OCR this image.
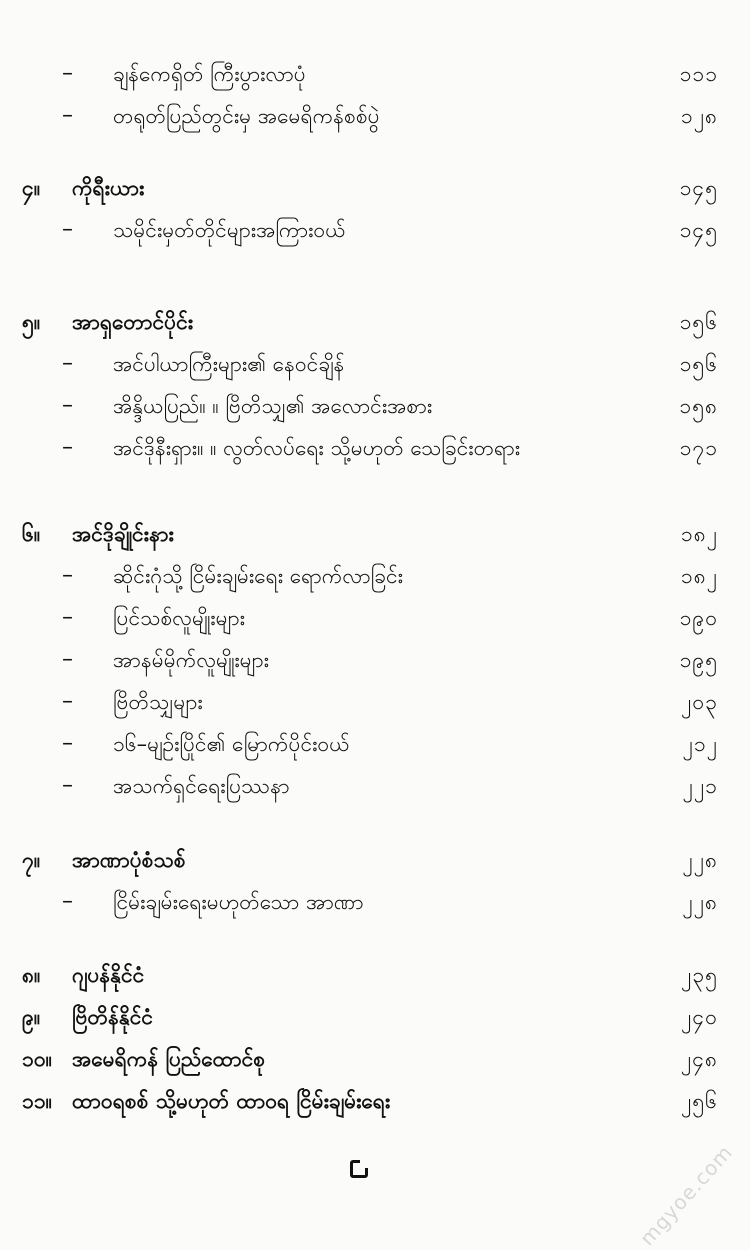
– ချန်ကေရှိတ် ကြီးပွားလာပုံ	၁၁၁
– တရုတ်ပြည်တွင်းမှ အမေရိကန်စစ်ပွဲ	၁၂၈
၄။ ကိုရီးယား	၁၄၅
– သမိုင်းမှတ်တိုင်များအကြားဝယ်	၁၄၅
၅။ အာရှတောင်ပိုင်း	၁၅၆
– အင်ပါယာကြီးများ၏ နေဝင်ချိန်	၁၅၆
– အိန္ဒိယပြည်။ ။ ဗြိတိသျှ၏ အလောင်းအစား	၁၅၈
– အင်ဒိုနီးရှား။ ။ လွတ်လပ်ရေး သို့မဟုတ် သေခြင်းတရား	၁၇၁
၆။ အင်ဒိုချိုင်းနား	၁၈၂
– ဆိုင်းဂုံသို့ ငြိမ်းချမ်းရေး ရောက်လာခြင်း	၁၈၂
– ပြင်သစ်လူမျိုးများ	၁၉၀
– အာနမ်မိုက်လူမျိုးများ	၁၉၅
– ဗြိတိသျှများ	၂၀၃
– ၁၆–မျဉ်းပြိုင်၏ မြောက်ပိုင်းဝယ်	၂၁၂
– အသက်ရှင်ရေးပြဿနာ	၂၂၁
၇။ အာဏာပုံစံသစ်	၂၂၈
– ငြိမ်းချမ်းရေးမဟုတ်သော အာဏာ	၂၂၈
၈။ ဂျပန်နိုင်ငံ	၂၃၅
၉။ ဗြိတိန်နိုင်ငံ	၂၄၀
၁၀။ အမေရိကန် ပြည်ထောင်စု	၂၄၈
၁၁။ ထာဝရစစ် သို့မဟုတ် ထာဝရ ငြိမ်းချမ်းရေး	၂၅၆
mgyoe.com
